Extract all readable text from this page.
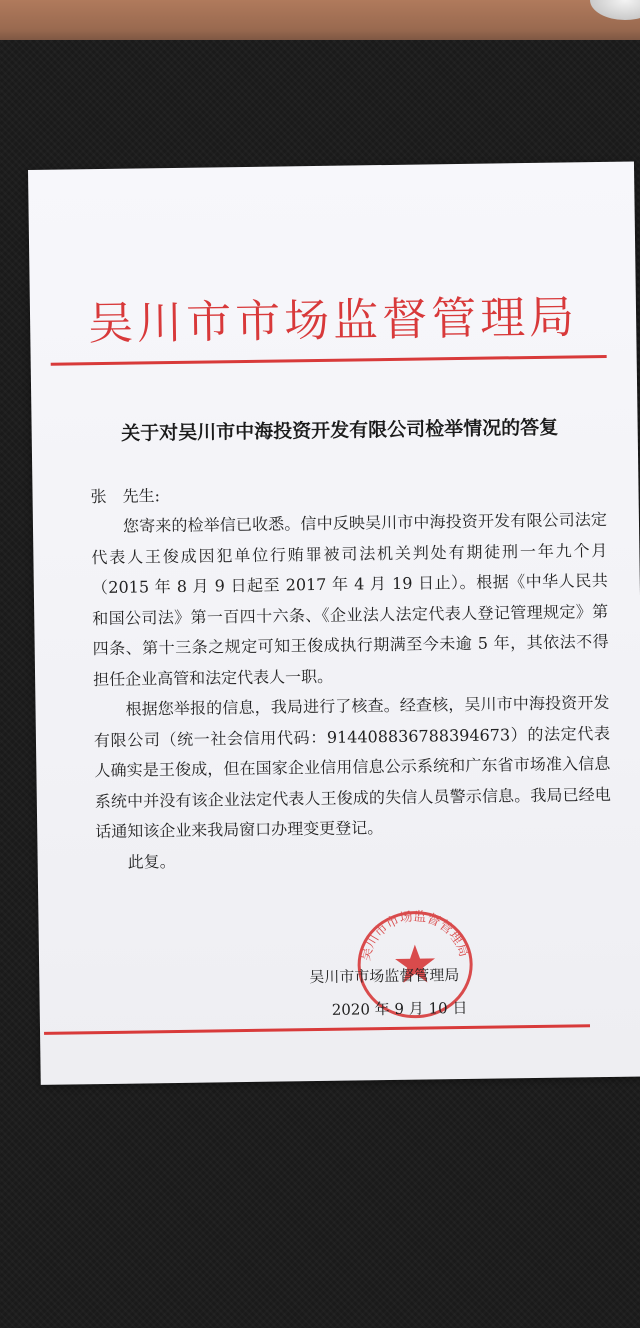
吴川市市场监督管理局
关于对吴川市中海投资开发有限公司检举情况的答复
张　 先生:

您寄来的检举信已收悉。信中反映吴川市中海投资开发有限公司法定代表人王俊成因犯单位行贿罪被司法机关判处有期徒刑一年九个月（2015 年 8 月 9 日起至 2017 年 4 月 19 日止）。根据《中华人民共和国公司法》第一百四十六条、《企业法人法定代表人登记管理规定》第四条、第十三条之规定可知王俊成执行期满至今未逾 5 年，其依法不得担任企业高管和法定代表人一职。

根据您举报的信息，我局进行了核查。经查核，吴川市中海投资开发有限公司（统一社会信用代码：914408836788394673）的法定代表人确实是王俊成，但在国家企业信用信息公示系统和广东省市场准入信息系统中并没有该企业法定代表人王俊成的失信人员警示信息。我局已经电话通知该企业来我局窗口办理变更登记。

此复。

吴川市市场监督管理局
吴川市市场监督管理局
2020 年 9 月 10 日
